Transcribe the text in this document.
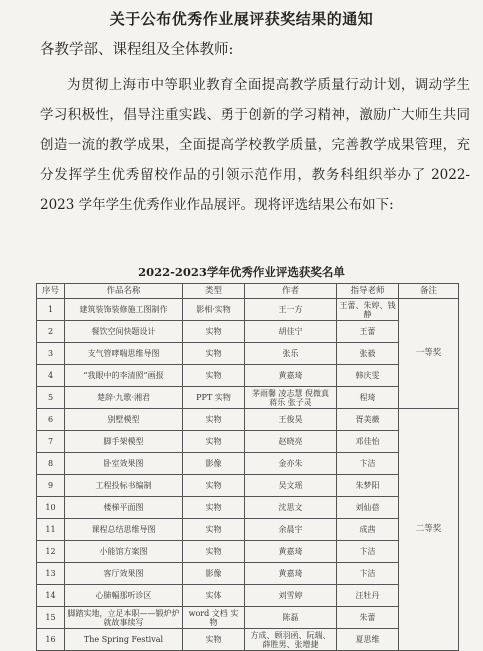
关于公布优秀作业展评获奖结果的通知
各教学部、课程组及全体教师:
为贯彻上海市中等职业教育全面提高教学质量行动计划，调动学生学习积极性，倡导注重实践、勇于创新的学习精神，激励广大师生共同创造一流的教学成果，全面提高学校教学质量，完善教学成果管理，充分发挥学生优秀留校作品的引领示范作用，教务科组织举办了 2022-2023 学年学生优秀作业作品展评。现将评选结果公布如下:
2022-2023学年优秀作业评选获奖名单
序号	作品名称	类型	作者	指导老师	备注
1	建筑装饰装修施工图制作	影相·实物	王一方	王蕾、朱婷、钱静	一等奖
2	餐饮空间快题设计	实物	胡佳宁	王蕾	
3	支气管哮喘思维导图	实物	张乐	张毅	
4	“我眼中的李清照”画报	实物	黄嘉琦	韩庆雯	
5	楚辞·九歌·湘君	PPT 实物	茅雨馨 凌志慧 倪微真 蒋乐 张子灵	程琦	
6	别墅模型	实物	王俊昊	胥美薇	二等奖
7	脚手架模型	实物	赵晓亮	邓佳怡	
8	卧室效果图	影像	金亦朱	卞洁	
9	工程投标书编制	实物	吴文瑶	朱梦阳	
10	楼梯平面图	实物	沈思文	刘仙蓓	
11	课程总结思维导图	实物	余晨宇	成茜	
12	小能馆方案图	实物	黄嘉琦	卞洁	
13	客厅效果图	影像	黄嘉琦	卞洁	
14	心肺幅那听诊区	实体	刘雪婷	汪牡丹	
15	脚踏实地，立足本职——锻炉炉就故事续写	word 文档 实物	陈磊	朱蕾	
16	The Spring Festival	实物	方成、顾羽函、阮瑞、薛胜男、张增捷	夏思维	
